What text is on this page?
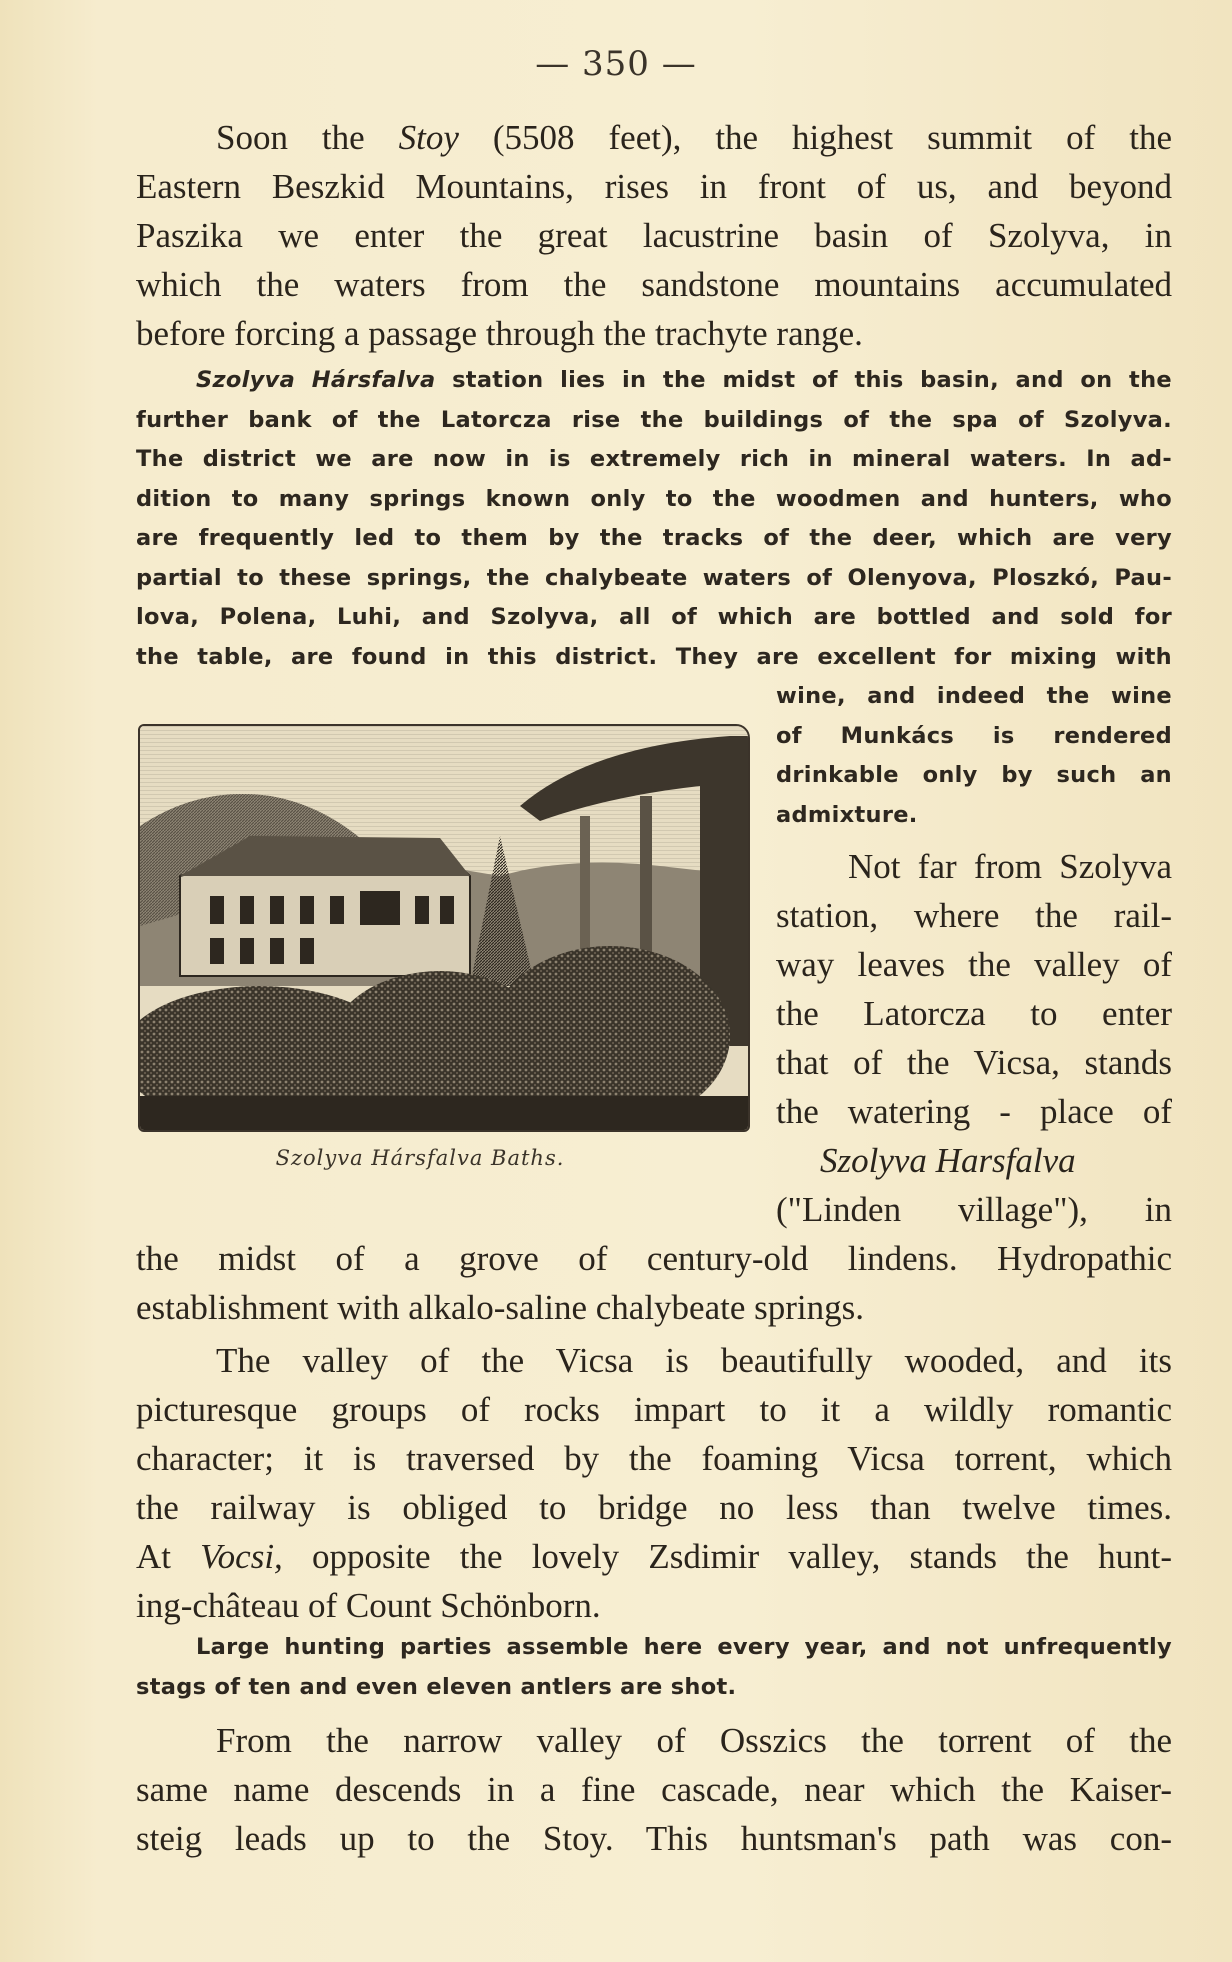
— 350 —
Soon the Stoy (5508 feet), the highest summit of the
Eastern Beszkid Mountains, rises in front of us, and beyond
Paszika we enter the great lacustrine basin of Szolyva, in
which the waters from the sandstone mountains accumulated
before forcing a passage through the trachyte range.
Szolyva Hársfalva station lies in the midst of this basin, and on the
further bank of the Latorcza rise the buildings of the spa of Szolyva.
The district we are now in is extremely rich in mineral waters. In ad-
dition to many springs known only to the woodmen and hunters, who
are frequently led to them by the tracks of the deer, which are very
partial to these springs, the chalybeate waters of Olenyova, Ploszkó, Pau-
lova, Polena, Luhi, and Szolyva, all of which are bottled and sold for
the table, are found in this district. They are excellent for mixing with
wine, and indeed the wine
of Munkács is rendered
drinkable only by such an
admixture.
Szolyva Hársfalva Baths.
Not far from Szolyva
station, where the rail-
way leaves the valley of
the Latorcza to enter
that of the Vicsa, stands
the watering - place of
Szolyva Harsfalva
("Linden village"), in
the midst of a grove of century-old lindens. Hydropathic
establishment with alkalo-saline chalybeate springs.
The valley of the Vicsa is beautifully wooded, and its
picturesque groups of rocks impart to it a wildly romantic
character; it is traversed by the foaming Vicsa torrent, which
the railway is obliged to bridge no less than twelve times.
At Vocsi, opposite the lovely Zsdimir valley, stands the hunt-
ing-château of Count Schönborn.
Large hunting parties assemble here every year, and not unfrequently
stags of ten and even eleven antlers are shot.
From the narrow valley of Osszics the torrent of the
same name descends in a fine cascade, near which the Kaiser-
steig leads up to the Stoy. This huntsman's path was con-
